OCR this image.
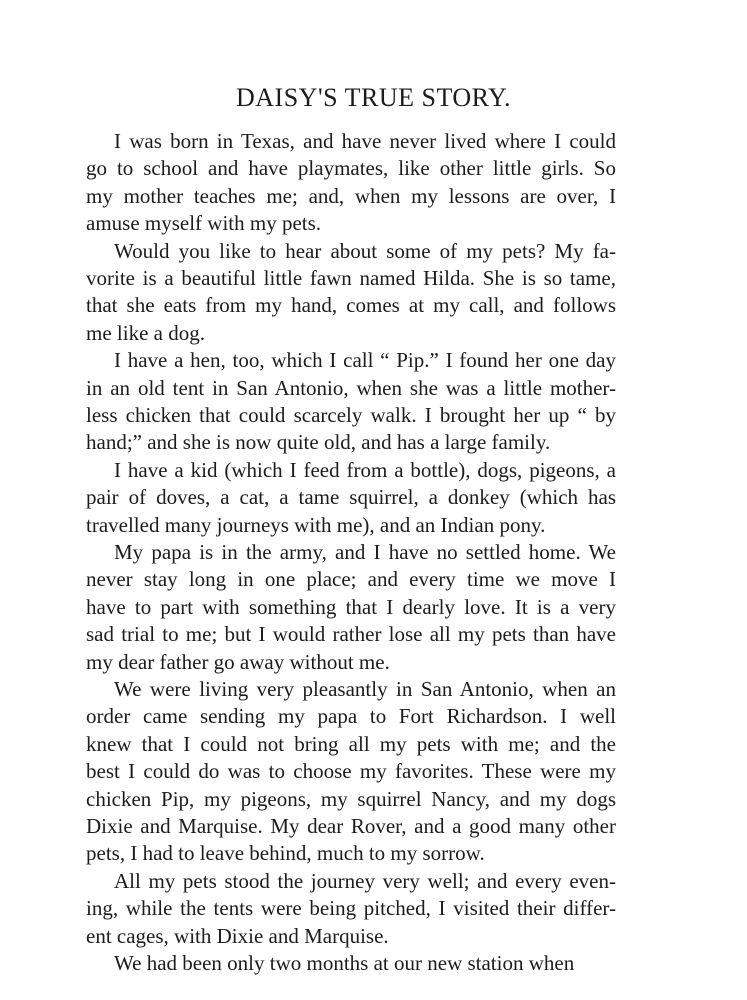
DAISY'S TRUE STORY.
I was born in Texas, and have never lived where I could
go to school and have playmates, like other little girls. So
my mother teaches me; and, when my lessons are over, I
amuse myself with my pets.
Would you like to hear about some of my pets? My fa-
vorite is a beautiful little fawn named Hilda. She is so tame,
that she eats from my hand, comes at my call, and follows
me like a dog.
I have a hen, too, which I call “ Pip.” I found her one day
in an old tent in San Antonio, when she was a little mother-
less chicken that could scarcely walk. I brought her up “ by
hand;” and she is now quite old, and has a large family.
I have a kid (which I feed from a bottle), dogs, pigeons, a
pair of doves, a cat, a tame squirrel, a donkey (which has
travelled many journeys with me), and an Indian pony.
My papa is in the army, and I have no settled home. We
never stay long in one place; and every time we move I
have to part with something that I dearly love. It is a very
sad trial to me; but I would rather lose all my pets than have
my dear father go away without me.
We were living very pleasantly in San Antonio, when an
order came sending my papa to Fort Richardson. I well
knew that I could not bring all my pets with me; and the
best I could do was to choose my favorites. These were my
chicken Pip, my pigeons, my squirrel Nancy, and my dogs
Dixie and Marquise. My dear Rover, and a good many other
pets, I had to leave behind, much to my sorrow.
All my pets stood the journey very well; and every even-
ing, while the tents were being pitched, I visited their differ-
ent cages, with Dixie and Marquise.
We had been only two months at our new station when
